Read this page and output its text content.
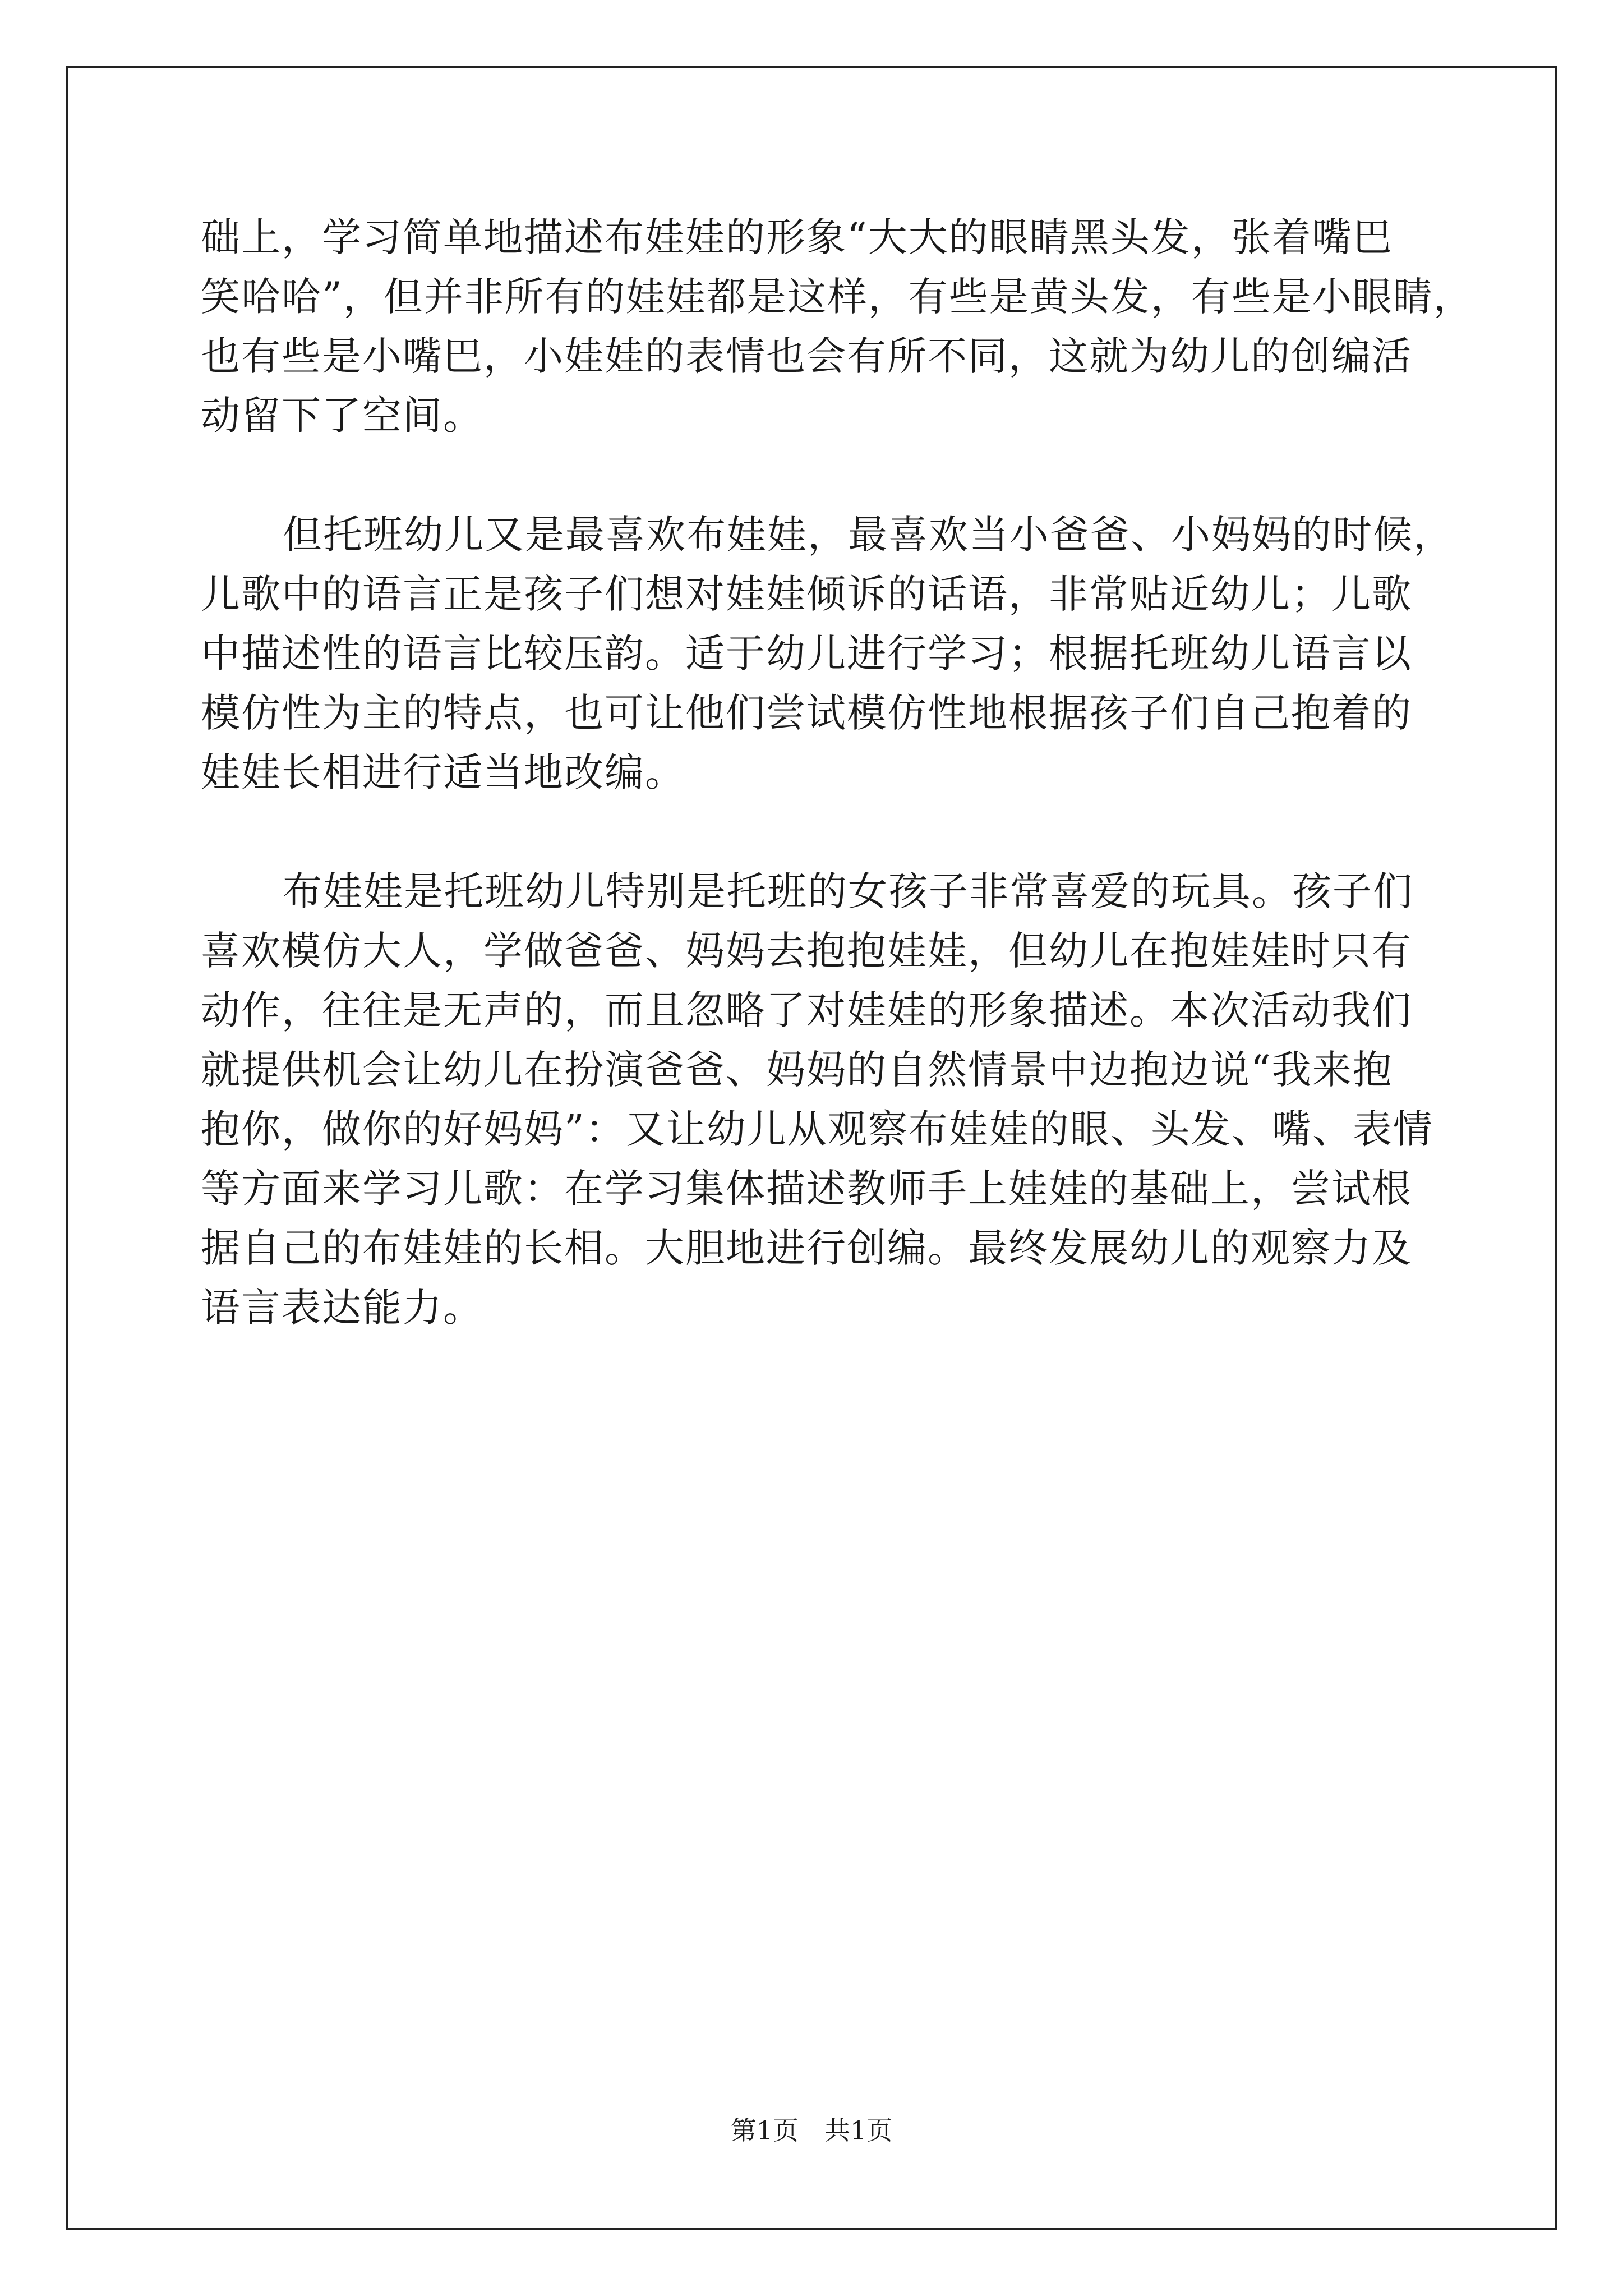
础上，学习简单地描述布娃娃的形象“大大的眼睛黑头发，张着嘴巴
笑哈哈”，但并非所有的娃娃都是这样，有些是黄头发，有些是小眼睛，
也有些是小嘴巴，小娃娃的表情也会有所不同，这就为幼儿的创编活
动留下了空间。
但托班幼儿又是最喜欢布娃娃，最喜欢当小爸爸、小妈妈的时候，
儿歌中的语言正是孩子们想对娃娃倾诉的话语，非常贴近幼儿；儿歌
中描述性的语言比较压韵。适于幼儿进行学习；根据托班幼儿语言以
模仿性为主的特点，也可让他们尝试模仿性地根据孩子们自己抱着的
娃娃长相进行适当地改编。
布娃娃是托班幼儿特别是托班的女孩子非常喜爱的玩具。孩子们
喜欢模仿大人，学做爸爸、妈妈去抱抱娃娃，但幼儿在抱娃娃时只有
动作，往往是无声的，而且忽略了对娃娃的形象描述。本次活动我们
就提供机会让幼儿在扮演爸爸、妈妈的自然情景中边抱边说“我来抱
抱你，做你的好妈妈”：又让幼儿从观察布娃娃的眼、头发、嘴、表情
等方面来学习儿歌：在学习集体描述教师手上娃娃的基础上，尝试根
据自己的布娃娃的长相。大胆地进行创编。最终发展幼儿的观察力及
语言表达能力。
第1页　共1页
